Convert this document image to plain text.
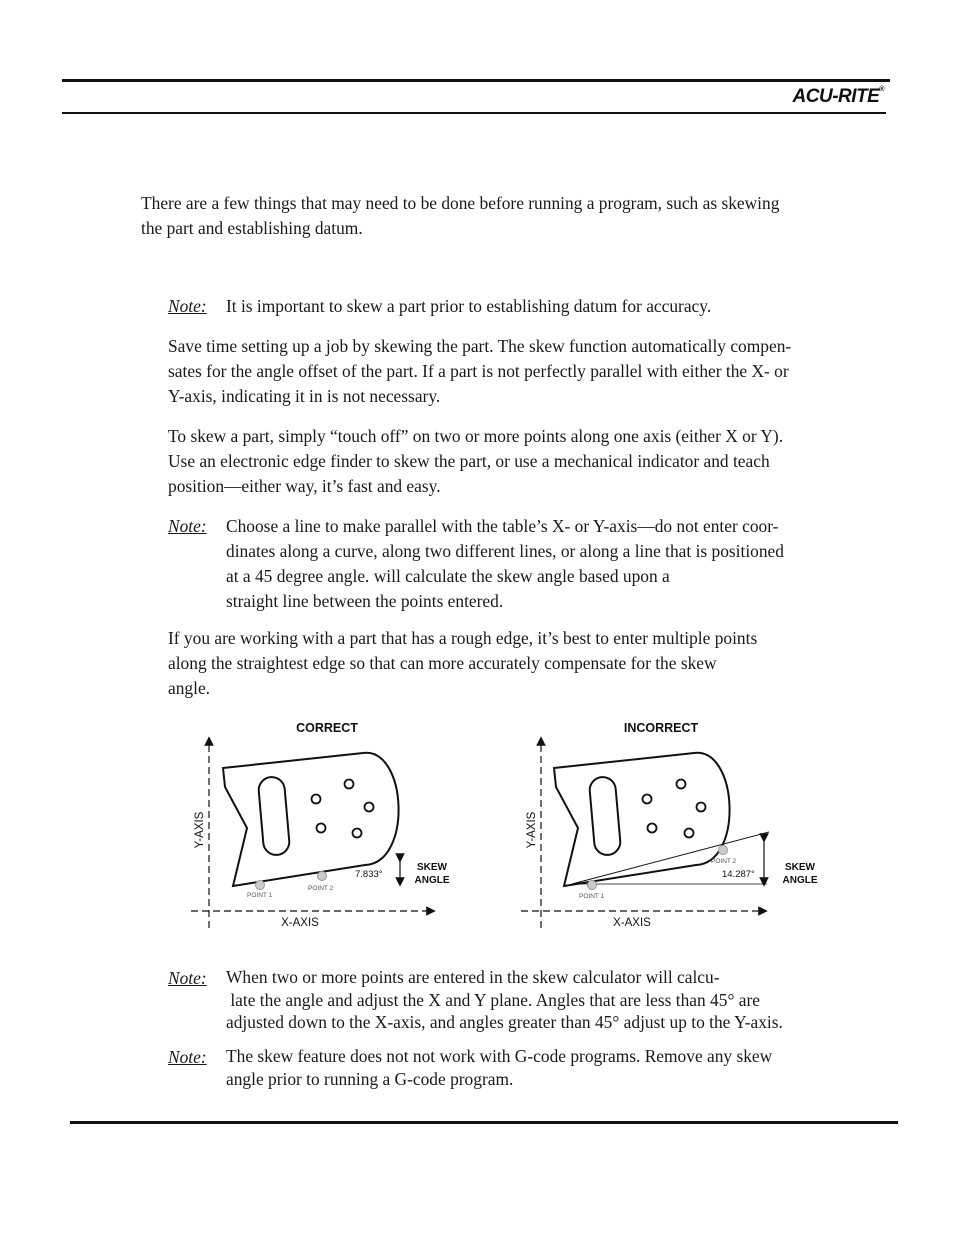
ACU-RITE®
There are a few things that may need to be done before running a program, such as skewing
the part and establishing datum.
Note: It is important to skew a part prior to establishing datum for accuracy.
Save time setting up a job by skewing the part. The skew function automatically compen-
sates for the angle offset of the part. If a part is not perfectly parallel with either the X- or
Y-axis, indicating it in is not necessary.
To skew a part, simply “touch off” on two or more points along one axis (either X or Y).
Use an electronic edge finder to skew the part, or use a mechanical indicator and teach
position—either way, it’s fast and easy.
Note: Choose a line to make parallel with the table’s X- or Y-axis—do not enter coor-
dinates along a curve, along two different lines, or along a line that is positioned
at a 45 degree angle. will calculate the skew angle based upon a
straight line between the points entered.
If you are working with a part that has a rough edge, it’s best to enter multiple points
along the straightest edge so that can more accurately compensate for the skew
angle.
CORRECT
Y-AXIS
X-AXIS
POINT 1
POINT 2
7.833°
SKEW
ANGLE
INCORRECT
Y-AXIS
X-AXIS
POINT 1
POINT 2
14.287°
SKEW
ANGLE
Note: When two or more points are entered in the skew calculator will calcu-
late the angle and adjust the X and Y plane. Angles that are less than 45° are
adjusted down to the X-axis, and angles greater than 45° adjust up to the Y-axis.
Note: The skew feature does not not work with G-code programs. Remove any skew
angle prior to running a G-code program.
